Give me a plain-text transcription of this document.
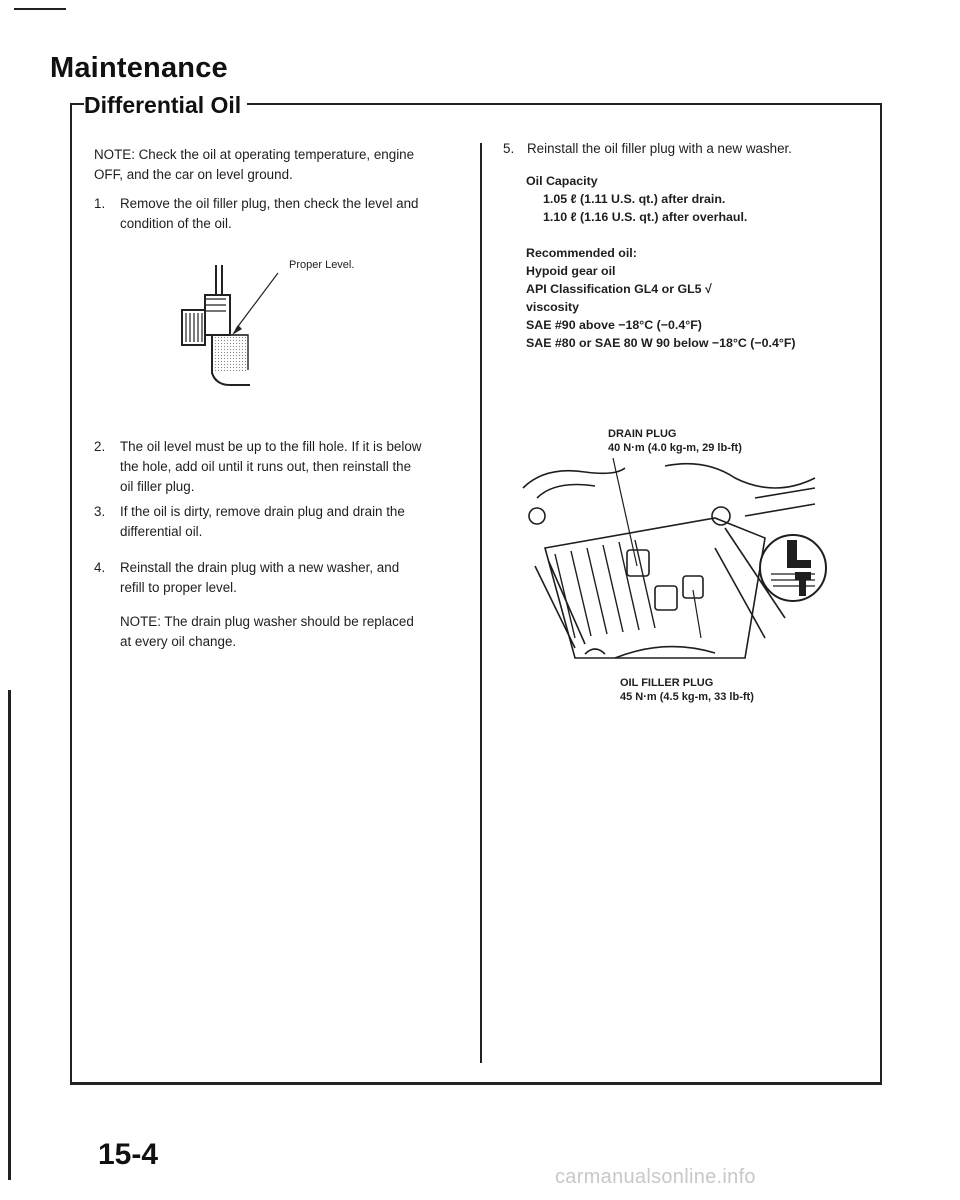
Maintenance
Differential Oil
NOTE: Check the oil at operating temperature, engine
OFF, and the car on level ground.
1. Remove the oil filler plug, then check the level and
condition of the oil.
Proper Level.
2. The oil level must be up to the fill hole. If it is below
the hole, add oil until it runs out, then reinstall the
oil filler plug.
3. If the oil is dirty, remove drain plug and drain the
differential oil.
4. Reinstall the drain plug with a new washer, and
refill to proper level.
NOTE: The drain plug washer should be replaced
at every oil change.
5. Reinstall the oil filler plug with a new washer.
Oil Capacity
1.05 ℓ (1.11 U.S. qt.) after drain.
1.10 ℓ (1.16 U.S. qt.) after overhaul.
Recommended oil:
Hypoid gear oil
API Classification GL4 or GL5 √
viscosity
SAE #90 above −18°C (−0.4°F)
SAE #80 or SAE 80 W 90 below −18°C (−0.4°F)
DRAIN PLUG
40 N·m (4.0 kg-m, 29 lb-ft)
OIL FILLER PLUG
45 N·m (4.5 kg-m, 33 lb-ft)
15-4
carmanualsonline.info
